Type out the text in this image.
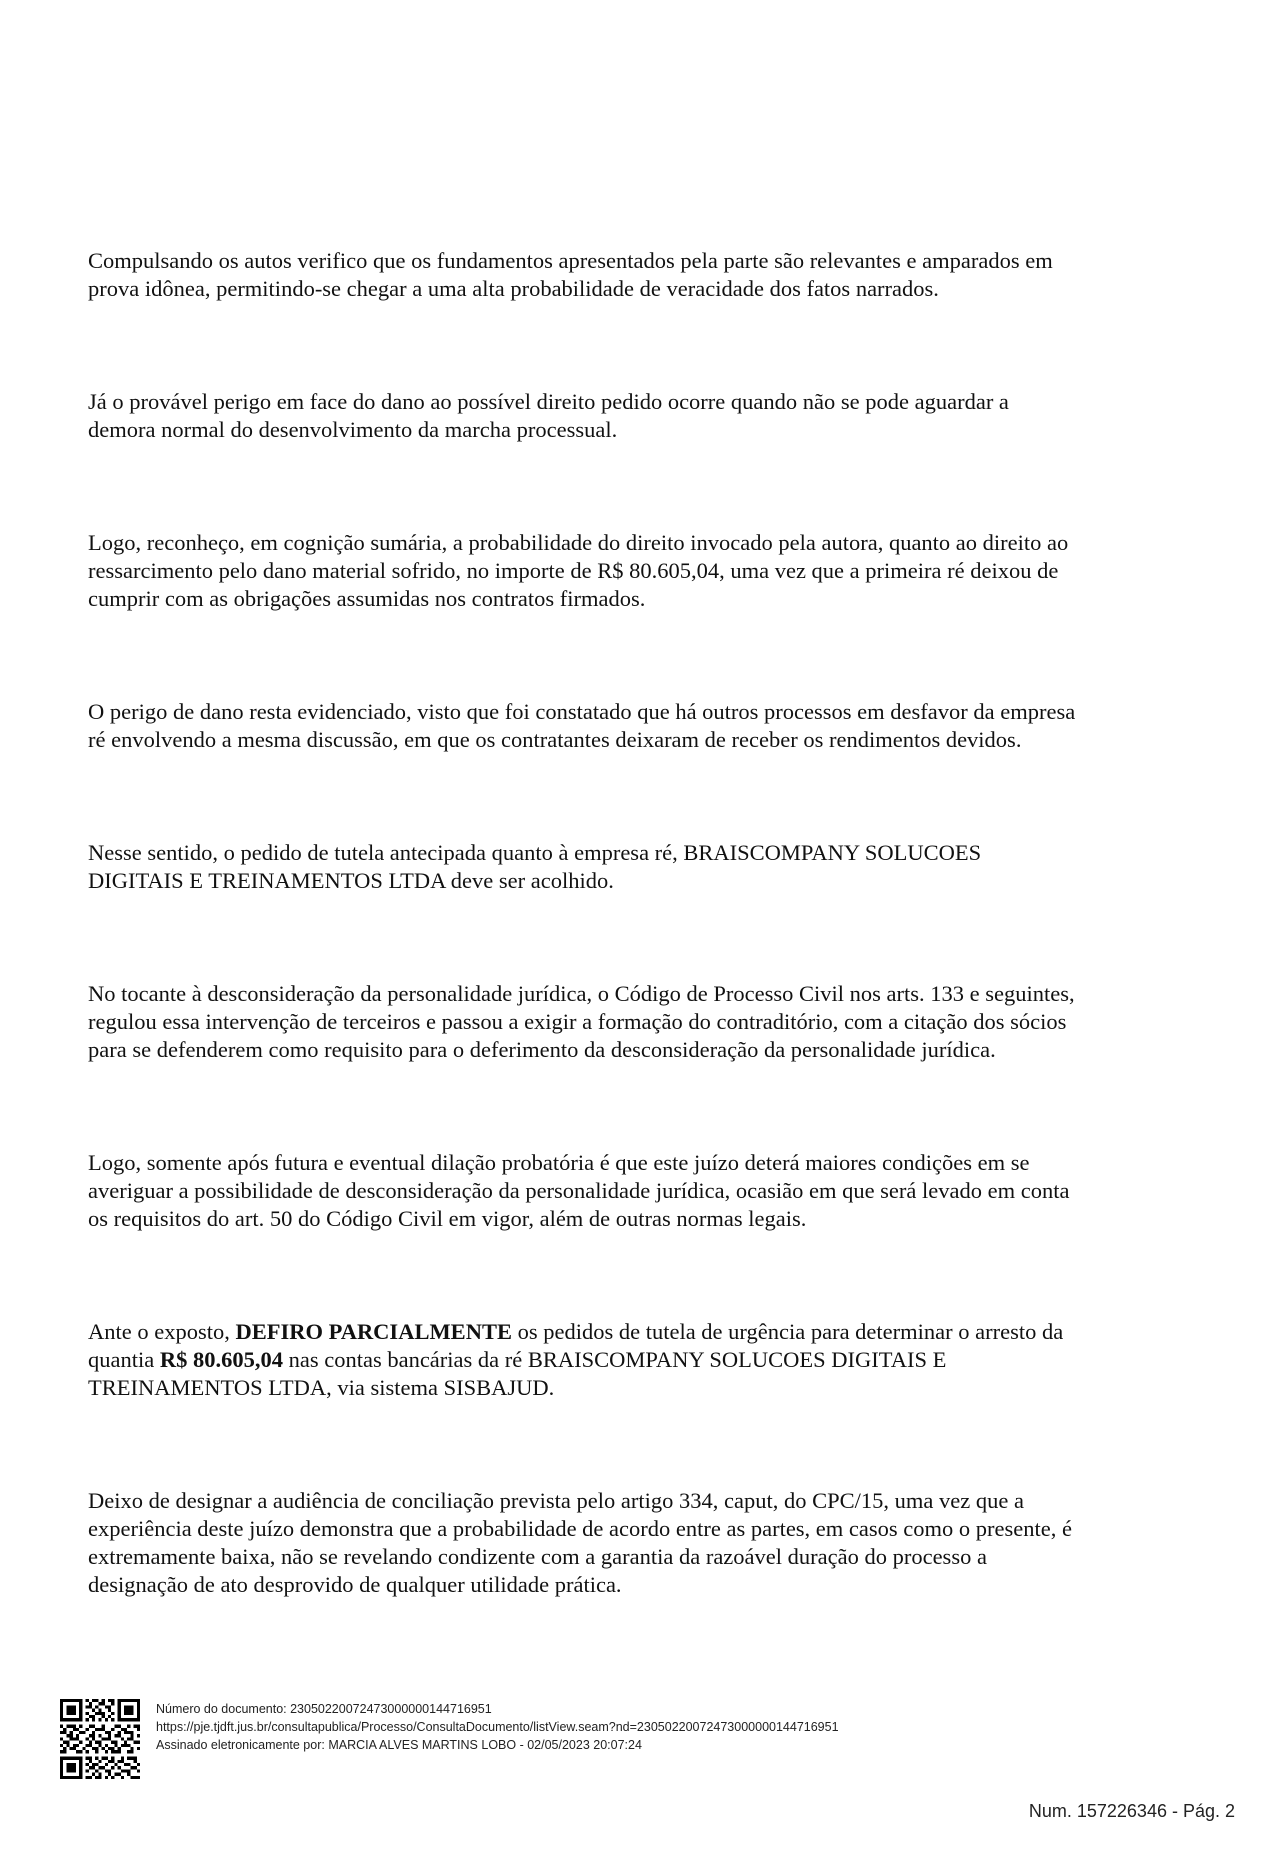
Compulsando os autos verifico que os fundamentos apresentados pela parte são relevantes e amparados em
prova idônea, permitindo-se chegar a uma alta probabilidade de veracidade dos fatos narrados.

Já o provável perigo em face do dano ao possível direito pedido ocorre quando não se pode aguardar a
demora normal do desenvolvimento da marcha processual.

Logo, reconheço, em cognição sumária, a probabilidade do direito invocado pela autora, quanto ao direito ao
ressarcimento pelo dano material sofrido, no importe de R$ 80.605,04, uma vez que a primeira ré deixou de
cumprir com as obrigações assumidas nos contratos firmados.

O perigo de dano resta evidenciado, visto que foi constatado que há outros processos em desfavor da empresa
ré envolvendo a mesma discussão, em que os contratantes deixaram de receber os rendimentos devidos.

Nesse sentido, o pedido de tutela antecipada quanto à empresa ré, BRAISCOMPANY SOLUCOES
DIGITAIS E TREINAMENTOS LTDA deve ser acolhido.

No tocante à desconsideração da personalidade jurídica, o Código de Processo Civil nos arts. 133 e seguintes,
regulou essa intervenção de terceiros e passou a exigir a formação do contraditório, com a citação dos sócios
para se defenderem como requisito para o deferimento da desconsideração da personalidade jurídica.

Logo, somente após futura e eventual dilação probatória é que este juízo deterá maiores condições em se
averiguar a possibilidade de desconsideração da personalidade jurídica, ocasião em que será levado em conta
os requisitos do art. 50 do Código Civil em vigor, além de outras normas legais.

Ante o exposto, DEFIRO PARCIALMENTE os pedidos de tutela de urgência para determinar o arresto da
quantia R$ 80.605,04 nas contas bancárias da ré BRAISCOMPANY SOLUCOES DIGITAIS E
TREINAMENTOS LTDA, via sistema SISBAJUD.

Deixo de designar a audiência de conciliação prevista pelo artigo 334, caput, do CPC/15, uma vez que a
experiência deste juízo demonstra que a probabilidade de acordo entre as partes, em casos como o presente, é
extremamente baixa, não se revelando condizente com a garantia da razoável duração do processo a
designação de ato desprovido de qualquer utilidade prática.

Número do documento: 23050220072473000000144716951
https://pje.tjdft.jus.br/consultapublica/Processo/ConsultaDocumento/listView.seam?nd=23050220072473000000144716951
Assinado eletronicamente por: MARCIA ALVES MARTINS LOBO - 02/05/2023 20:07:24
Num. 157226346 - Pág. 2
